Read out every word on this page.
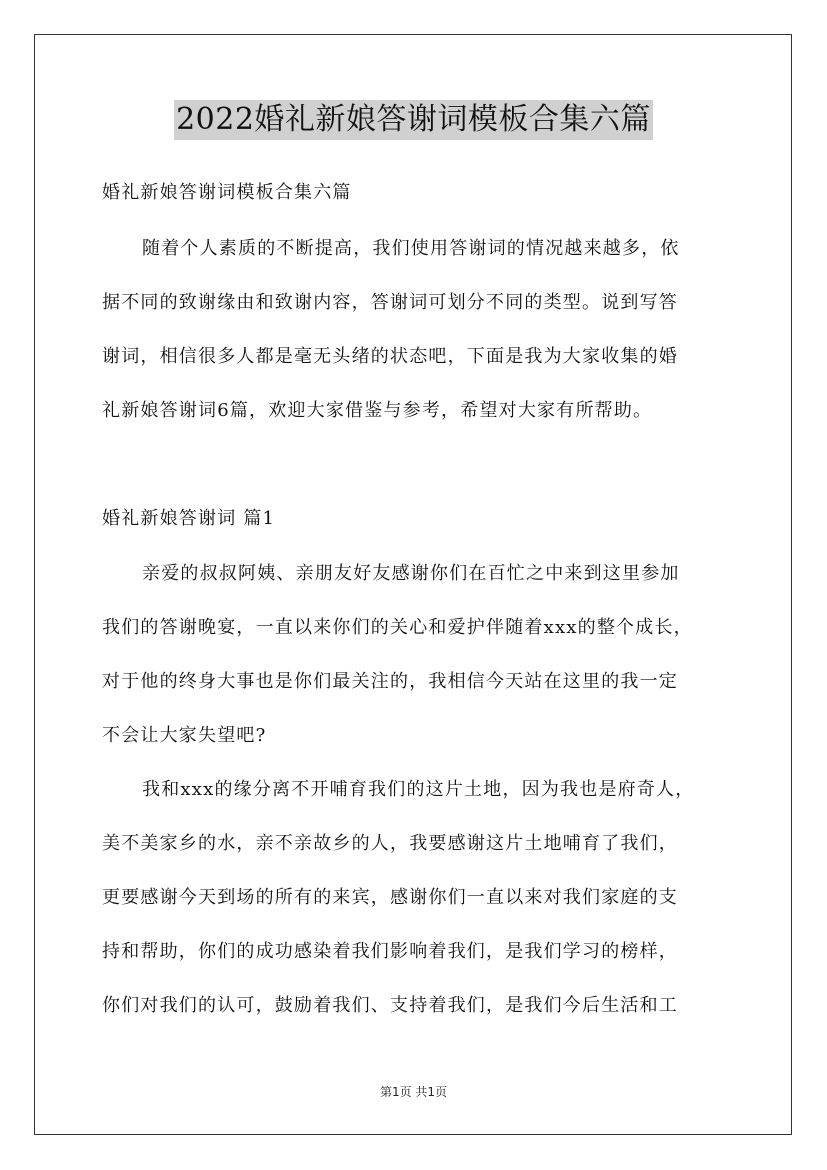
2022婚礼新娘答谢词模板合集六篇
婚礼新娘答谢词模板合集六篇
随着个人素质的不断提高，我们使用答谢词的情况越来越多，依
据不同的致谢缘由和致谢内容，答谢词可划分不同的类型。说到写答
谢词，相信很多人都是毫无头绪的状态吧，下面是我为大家收集的婚
礼新娘答谢词6篇，欢迎大家借鉴与参考，希望对大家有所帮助。
婚礼新娘答谢词 篇1
亲爱的叔叔阿姨、亲朋友好友感谢你们在百忙之中来到这里参加
我们的答谢晚宴，一直以来你们的关心和爱护伴随着xxx的整个成长，
对于他的终身大事也是你们最关注的，我相信今天站在这里的我一定
不会让大家失望吧?
我和xxx的缘分离不开哺育我们的这片土地，因为我也是府奇人，
美不美家乡的水，亲不亲故乡的人，我要感谢这片土地哺育了我们，
更要感谢今天到场的所有的来宾，感谢你们一直以来对我们家庭的支
持和帮助，你们的成功感染着我们影响着我们，是我们学习的榜样，
你们对我们的认可，鼓励着我们、支持着我们，是我们今后生活和工
第1页 共1页
